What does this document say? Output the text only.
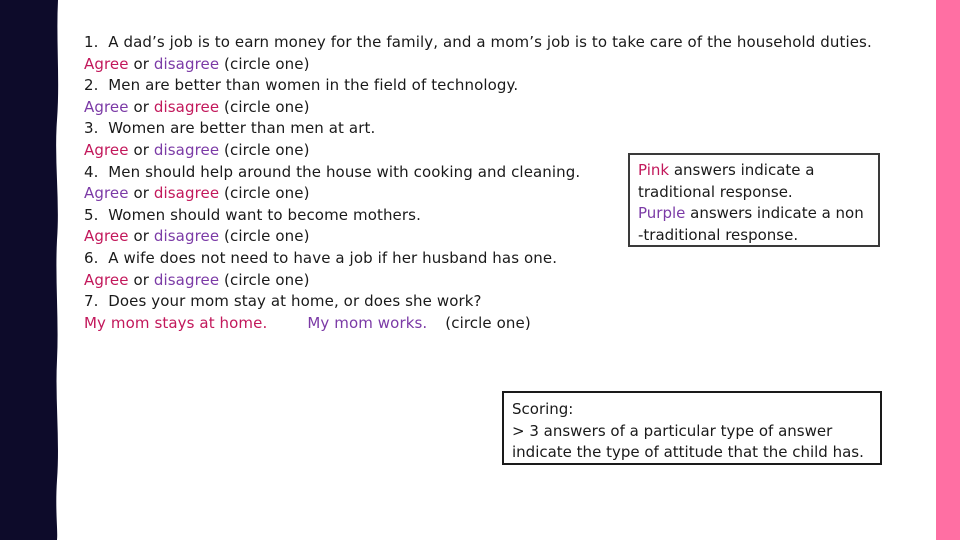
1.  A dad’s job is to earn money for the family, and a mom’s job is to take care of the household duties.
Agree or disagree (circle one)
2.  Men are better than women in the field of technology.
Agree or disagree (circle one)
3.  Women are better than men at art.
Agree or disagree (circle one)
4.  Men should help around the house with cooking and cleaning.
Agree or disagree (circle one)
5.  Women should want to become mothers.
Agree or disagree (circle one)
6.  A wife does not need to have a job if her husband has one.
Agree or disagree (circle one)
7.  Does your mom stay at home, or does she work?
My mom stays at home.	My mom works. (circle one)
Pink answers indicate a
traditional response.
Purple answers indicate a non
-traditional response.
Scoring:
> 3 answers of a particular type of answer
indicate the type of attitude that the child has.
